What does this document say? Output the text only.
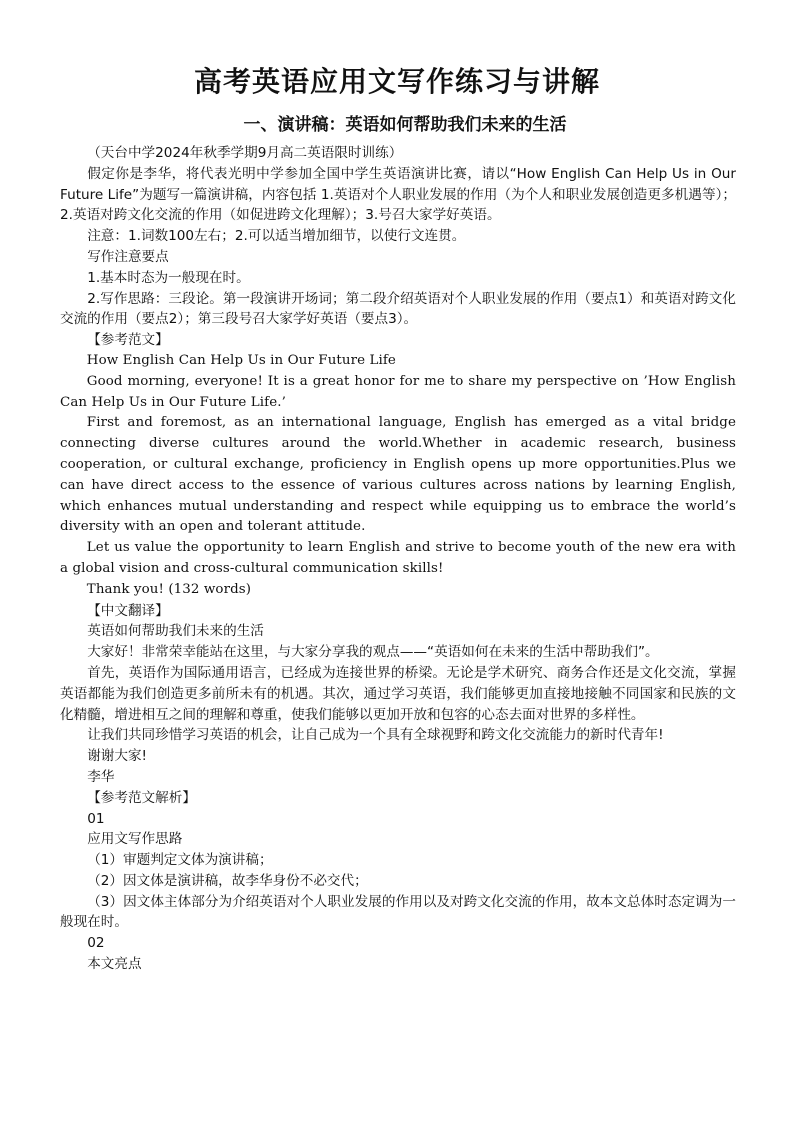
高考英语应用文写作练习与讲解
一、演讲稿：英语如何帮助我们未来的生活

（天台中学2024年秋季学期9月高二英语限时训练）

假定你是李华，将代表光明中学参加全国中学生英语演讲比赛，请以“How English Can Help Us in Our Future Life”为题写一篇演讲稿，内容包括 1.英语对个人职业发展的作用（为个人和职业发展创造更多机遇等）；2.英语对跨文化交流的作用（如促进跨文化理解）；3.号召大家学好英语。

注意：1.词数100左右；2.可以适当增加细节，以使行文连贯。

写作注意要点

1.基本时态为一般现在时。

2.写作思路：三段论。第一段演讲开场词；第二段介绍英语对个人职业发展的作用（要点1）和英语对跨文化交流的作用（要点2）；第三段号召大家学好英语（要点3）。

【参考范文】

How English Can Help Us in Our Future Life

Good morning, everyone! It is a great honor for me to share my perspective on ’How English Can Help Us in Our Future Life.’

First and foremost, as an international language, English has emerged as a vital bridge connecting diverse cultures around the world.Whether in academic research, business cooperation, or cultural exchange, proficiency in English opens up more opportunities.Plus we can have direct access to the essence of various cultures across nations by learning English, which enhances mutual understanding and respect while equipping us to embrace the world’s diversity with an open and tolerant attitude.

Let us value the opportunity to learn English and strive to become youth of the new era with a global vision and cross-cultural communication skills!

Thank you! (132 words)

【中文翻译】

英语如何帮助我们未来的生活

大家好！非常荣幸能站在这里，与大家分享我的观点——“英语如何在未来的生活中帮助我们”。

首先，英语作为国际通用语言，已经成为连接世界的桥梁。无论是学术研究、商务合作还是文化交流，掌握英语都能为我们创造更多前所未有的机遇。其次，通过学习英语，我们能够更加直接地接触不同国家和民族的文化精髓，增进相互之间的理解和尊重，使我们能够以更加开放和包容的心态去面对世界的多样性。

让我们共同珍惜学习英语的机会，让自己成为一个具有全球视野和跨文化交流能力的新时代青年!

谢谢大家!

李华

【参考范文解析】

01

应用文写作思路

（1）审题判定文体为演讲稿；

（2）因文体是演讲稿，故李华身份不必交代；

（3）因文体主体部分为介绍英语对个人职业发展的作用以及对跨文化交流的作用，故本文总体时态定调为一般现在时。

02

本文亮点
